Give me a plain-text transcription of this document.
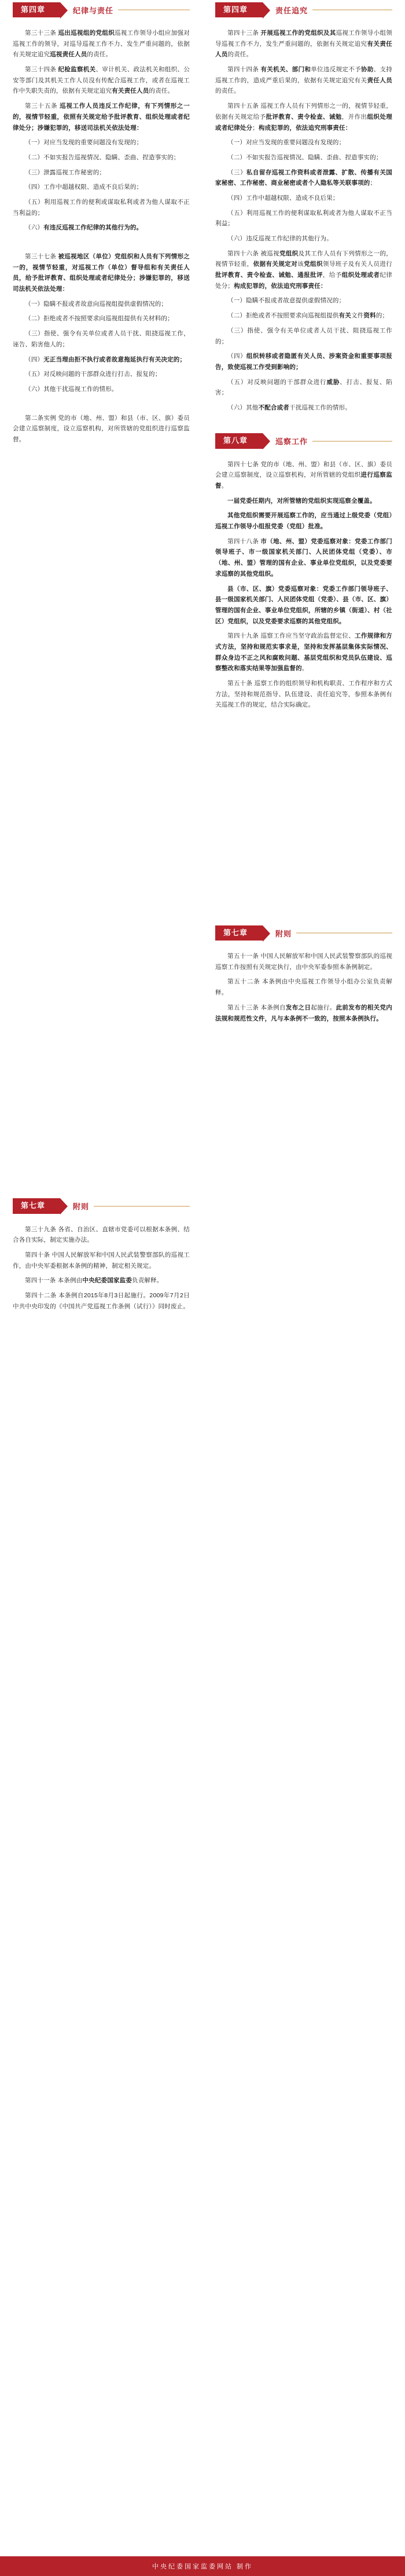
第四章	纪律与责任
第三十三条 巡出巡视组的党组织巡视工作领导小组应加强对巡视工作的领导，对巡导巡视工作不力、发生严重问题的，依据有关规定追究巡视责任人员的责任。
第三十四条 纪检监察机关、审计机关、政法机关和组织、公安等部门及其机关工作人员没有传配合巡视工作，或者在巡视工作中失职失责的，依据有关规定追究有关责任人员的责任。
第三十五条 巡视工作人员违反工作纪律，有下列情形之一的，视情节轻重，依照有关规定给予批评教育、组织处理或者纪律处分；涉嫌犯罪的，移送司法机关依法处理：
（一）对应当发现的重要问题没有发现的；
（二）不如实报告巡视情况、隐瞒、歪曲、捏造事实的；
（三）泄露巡视工作秘密的；
（四）工作中超越权限、造成不良后果的；
（五）利用巡视工作的便利或谋取私利或者为他人谋取不正当利益的；
（六）有违反巡视工作纪律的其他行为的。
第三十七条 被巡视地区（单位）党组织和人员有下列情形之一的，视情节轻重，对巡视工作（单位）督导组和有关责任人员，给予批评教育、组织处理或者纪律处分；涉嫌犯罪的，移送司法机关依法处理：
（一）隐瞒不报或者故意向巡视组提供虚假情况的；
（二）拒绝或者不按照要求向巡视组提供有关材料的；
（三）指使、强令有关单位或者人员干扰、阻挠巡视工作，诬告、陷害他人的；
（四）无正当理由拒不执行或者故意拖延执行有关决定的；
（五）对反映问题的干部群众进行打击、报复的；
（六）其他干扰巡视工作的情形。
第二条实例 党的市（地、州、盟）和县（市、区、旗）委员会建立巡察制度，设立巡察机构，对所管辖的党组织进行巡察监督。
第七章	附则
第三十九条 各省、自治区、直辖市党委可以根据本条例、结合各自实际，制定实施办法。
第四十条 中国人民解放军和中国人民武装警察部队的巡视工作，由中央军委根据本条例的精神，制定相关规定。
第四十一条 本条例由中央纪委国家监委负责解释。
第四十二条 本条例自2015年8月3日起施行。2009年7月2日中共中央印发的《中国共产党巡视工作条例（试行）》同时废止。
第四章	责任追究
第四十三条 开展巡视工作的党组织及其巡视工作领导小组领导巡视工作不力，发生严重问题的，依据有关规定追究有关责任人员的责任。
第四十四条 有关机关、部门和单位违反规定不予协助、支持巡视工作的，造成严重后果的，依据有关规定追究有关责任人员的责任。
第四十五条 巡视工作人员有下列情形之一的，视情节轻重，依据有关规定给予批评教育、责令检查、诫勉，并作出组织处理或者纪律处分；构成犯罪的，依法追究刑事责任：
（一）对应当发现的重要问题没有发现的；
（二）不如实报告巡视情况、隐瞒、歪曲、捏造事实的；
（三）私自留存巡视工作资料或者泄露、扩散、传播有关国家秘密、工作秘密、商业秘密或者个人隐私等关联事项的；
（四）工作中超越权限、造成不良后果；
（五）利用巡视工作的便利谋取私利或者为他人谋取不正当利益；
（六）违反巡视工作纪律的其他行为。
第四十六条 被巡视党组织及其工作人员有下列情形之一的，视情节轻重，依据有关规定对该党组织领导班子及有关人员进行批评教育、责令检查、诫勉、通报批评，给予组织处理或者纪律处分；构成犯罪的，依法追究刑事责任：
（一）隐瞒不报或者故意提供虚假情况的；
（二）拒绝或者不按照要求向巡视组提供有关文件资料的；
（三）指使、强令有关单位或者人员干扰、阻挠巡视工作的；
（四）组织转移或者隐匿有关人员、涉案资金和重要事项报告，致使巡视工作受到影响的；
（五）对反映问题的干部群众进行威胁、打击、报复、陷害；
（六）其他不配合或者干扰巡视工作的情形。
第八章	巡察工作
第四十七条 党的市（地、州、盟）和县（市、区、旗）委员会建立巡察制度，设立巡察机构，对所管辖的党组织进行巡察监督。
一届党委任期内，对所管辖的党组织实现巡察全覆盖。
其他党组织需要开展巡察工作的，应当通过上级党委（党组）巡视工作领导小组报党委（党组）批准。
第四十八条 市（地、州、盟）党委巡察对象：党委工作部门领导班子、市一级国家机关部门、人民团体党组（党委）、市（地、州、盟）管理的国有企业、事业单位党组织，以及党委要求巡察的其他党组织。
县（市、区、旗）党委巡察对象：党委工作部门领导班子、县一级国家机关部门、人民团体党组（党委）、县（市、区、旗）管理的国有企业、事业单位党组织，所辖的乡镇（街道）、村（社区）党组织，以及党委要求巡察的其他党组织。
第四十九条 巡察工作应当坚守政治监督定位、工作规律和方式方法，坚持和规范实事求是，坚持和发挥基层集体实际情况、群众身边不正之风和腐败问题、基层党组织和党员队伍建设、巡察整改和落实结果等加强监督的。
第五十条 巡察工作的组织领导和机构职责、工作程序和方式方法，坚持和规范指导、队伍建设、责任追究等，参照本条例有关巡视工作的规定，结合实际确定。
第七章	附则
第五十一条 中国人民解放军和中国人民武装警察部队的巡视巡察工作按照有关规定执行，由中央军委参照本条例制定。
第五十二条 本条例由中央巡视工作领导小组办公室负责解释。
第五十三条 本条例自发布之日起施行。此前发布的相关党内法规和规范性文件，凡与本条例不一致的，按照本条例执行。
中央纪委国家监委网站 制作
